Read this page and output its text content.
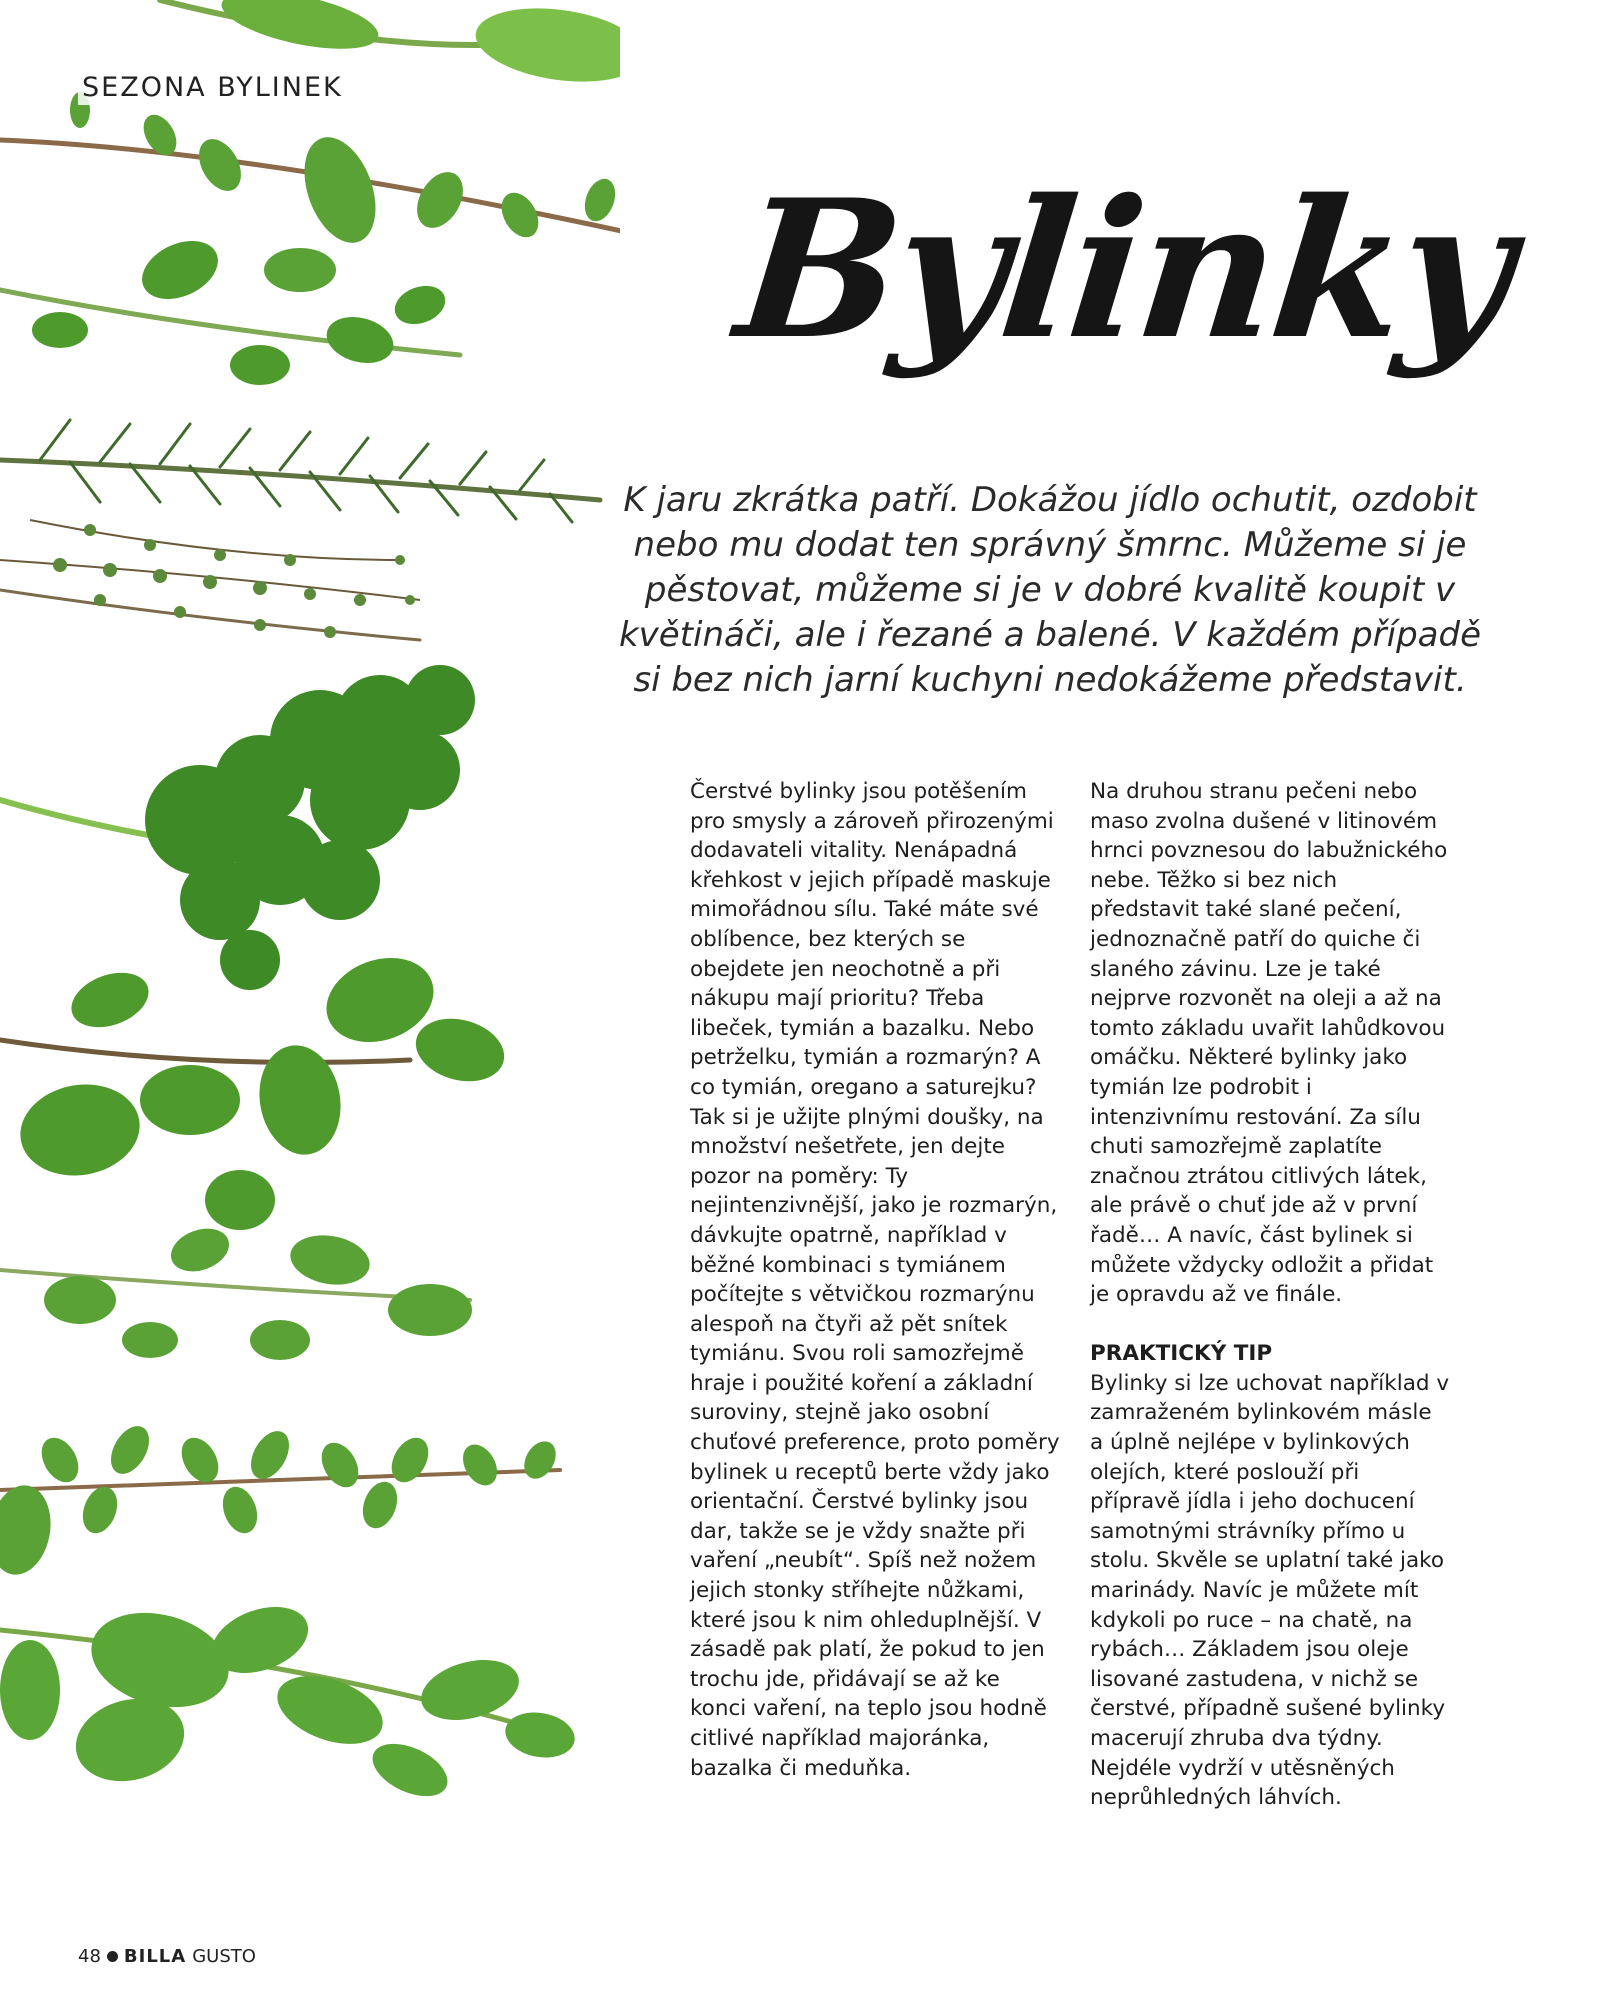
SEZONA BYLINEK
Bylinky
K jaru zkrátka patří. Dokážou jídlo ochutit, ozdobit nebo mu dodat ten správný šmrnc. Můžeme si je pěstovat, můžeme si je v dobré kvalitě koupit v květináči, ale i řezané a balené. V každém případě si bez nich jarní kuchyni nedokážeme představit.

Čerstvé bylinky jsou potěšením pro smysly a zároveň přirozenými dodavateli vitality. Nenápadná křehkost v jejich případě maskuje mimořádnou sílu. Také máte své oblíbence, bez kterých se obejdete jen neochotně a při nákupu mají prioritu? Třeba libeček, tymián a bazalku. Nebo petrželku, tymián a rozmarýn? A co tymián, oregano a saturejku? Tak si je užijte plnými doušky, na množství nešetřete, jen dejte pozor na poměry: Ty nejintenzivnější, jako je rozmarýn, dávkujte opatrně, například v běžné kombinaci s tymiánem počítejte s větvičkou rozmarýnu alespoň na čtyři až pět snítek tymiánu. Svou roli samozřejmě hraje i použité koření a základní suroviny, stejně jako osobní chuťové preference, proto poměry bylinek u receptů berte vždy jako orientační. Čerstvé bylinky jsou dar, takže se je vždy snažte při vaření „neubít“. Spíš než nožem jejich stonky stříhejte nůžkami, které jsou k nim ohleduplnější. V zásadě pak platí, že pokud to jen trochu jde, přidávají se až ke konci vaření, na teplo jsou hodně citlivé například majoránka, bazalka či meduňka.

Na druhou stranu pečeni nebo maso zvolna dušené v litinovém hrnci povznesou do labužnického nebe. Těžko si bez nich představit také slané pečení, jednoznačně patří do quiche či slaného závinu. Lze je také nejprve rozvonět na oleji a až na tomto základu uvařit lahůdkovou omáčku. Některé bylinky jako tymián lze podrobit i intenzivnímu restování. Za sílu chuti samozřejmě zaplatíte značnou ztrátou citlivých látek, ale právě o chuť jde až v první řadě… A navíc, část bylinek si můžete vždycky odložit a přidat je opravdu až ve finále.

PRAKTICKÝ TIP

Bylinky si lze uchovat například v zamraženém bylinkovém másle a úplně nejlépe v bylinkových olejích, které poslouží při přípravě jídla i jeho dochucení samotnými strávníky přímo u stolu. Skvěle se uplatní také jako marinády. Navíc je můžete mít kdykoli po ruce – na chatě, na rybách… Základem jsou oleje lisované zastudena, v nichž se čerstvé, případně sušené bylinky macerují zhruba dva týdny. Nejdéle vydrží v utěsněných neprůhledných láhvích.

48 BILLA GUSTO
